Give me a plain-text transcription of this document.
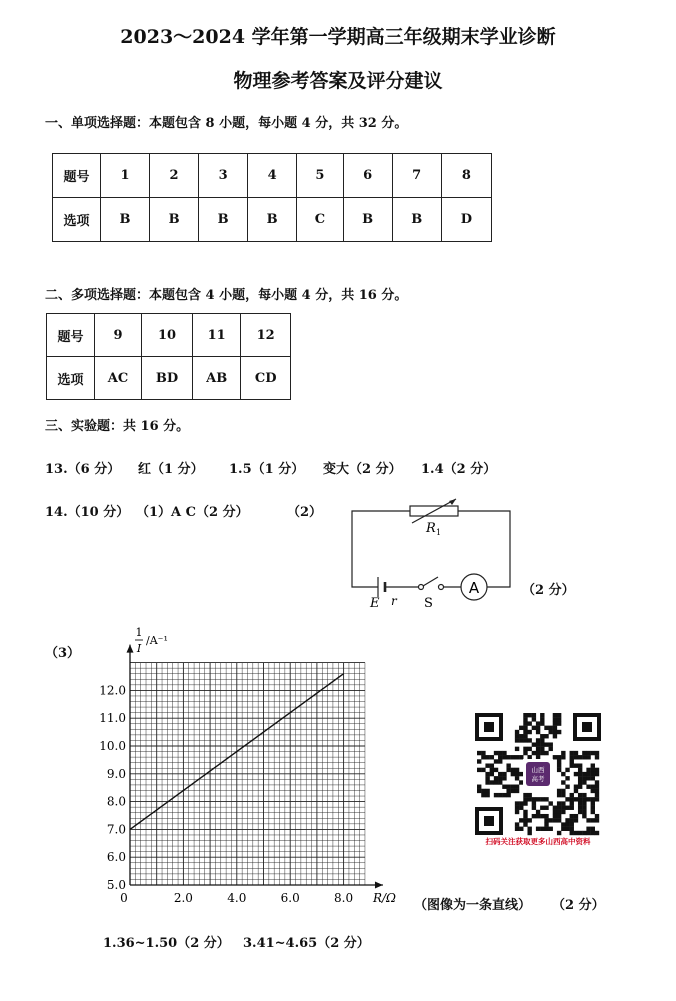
2023～2024 学年第一学期高三年级期末学业诊断
物理参考答案及评分建议
一、单项选择题：本题包含 8 小题，每小题 4 分，共 32 分。
题号	1	2	3	4	5	6	7	8
选项	B	B	B	B	C	B	B	D
二、多项选择题：本题包含 4 小题，每小题 4 分，共 16 分。
题号	9	10	11	12
选项	AC	BD	AB	CD
三、实验题：共 16 分。
13.（6 分） 红（1 分） 1.5（1 分） 变大（2 分） 1.4（2 分）
14.（10 分） （1）A C（2 分）	（2）
A
R 1
E r S
（2 分）
（3）
0	2.0	4.0	6.0	8.0
5.0
6.0
7.0
8.0
9.0
10.0
11.0
12.0
R/Ω
1
I
/A⁻¹
（图像为一条直线） （2 分）
1.36~1.50（2 分） 3.41~4.65（2 分）
山西
高考
扫码关注获取更多山西高中资料
